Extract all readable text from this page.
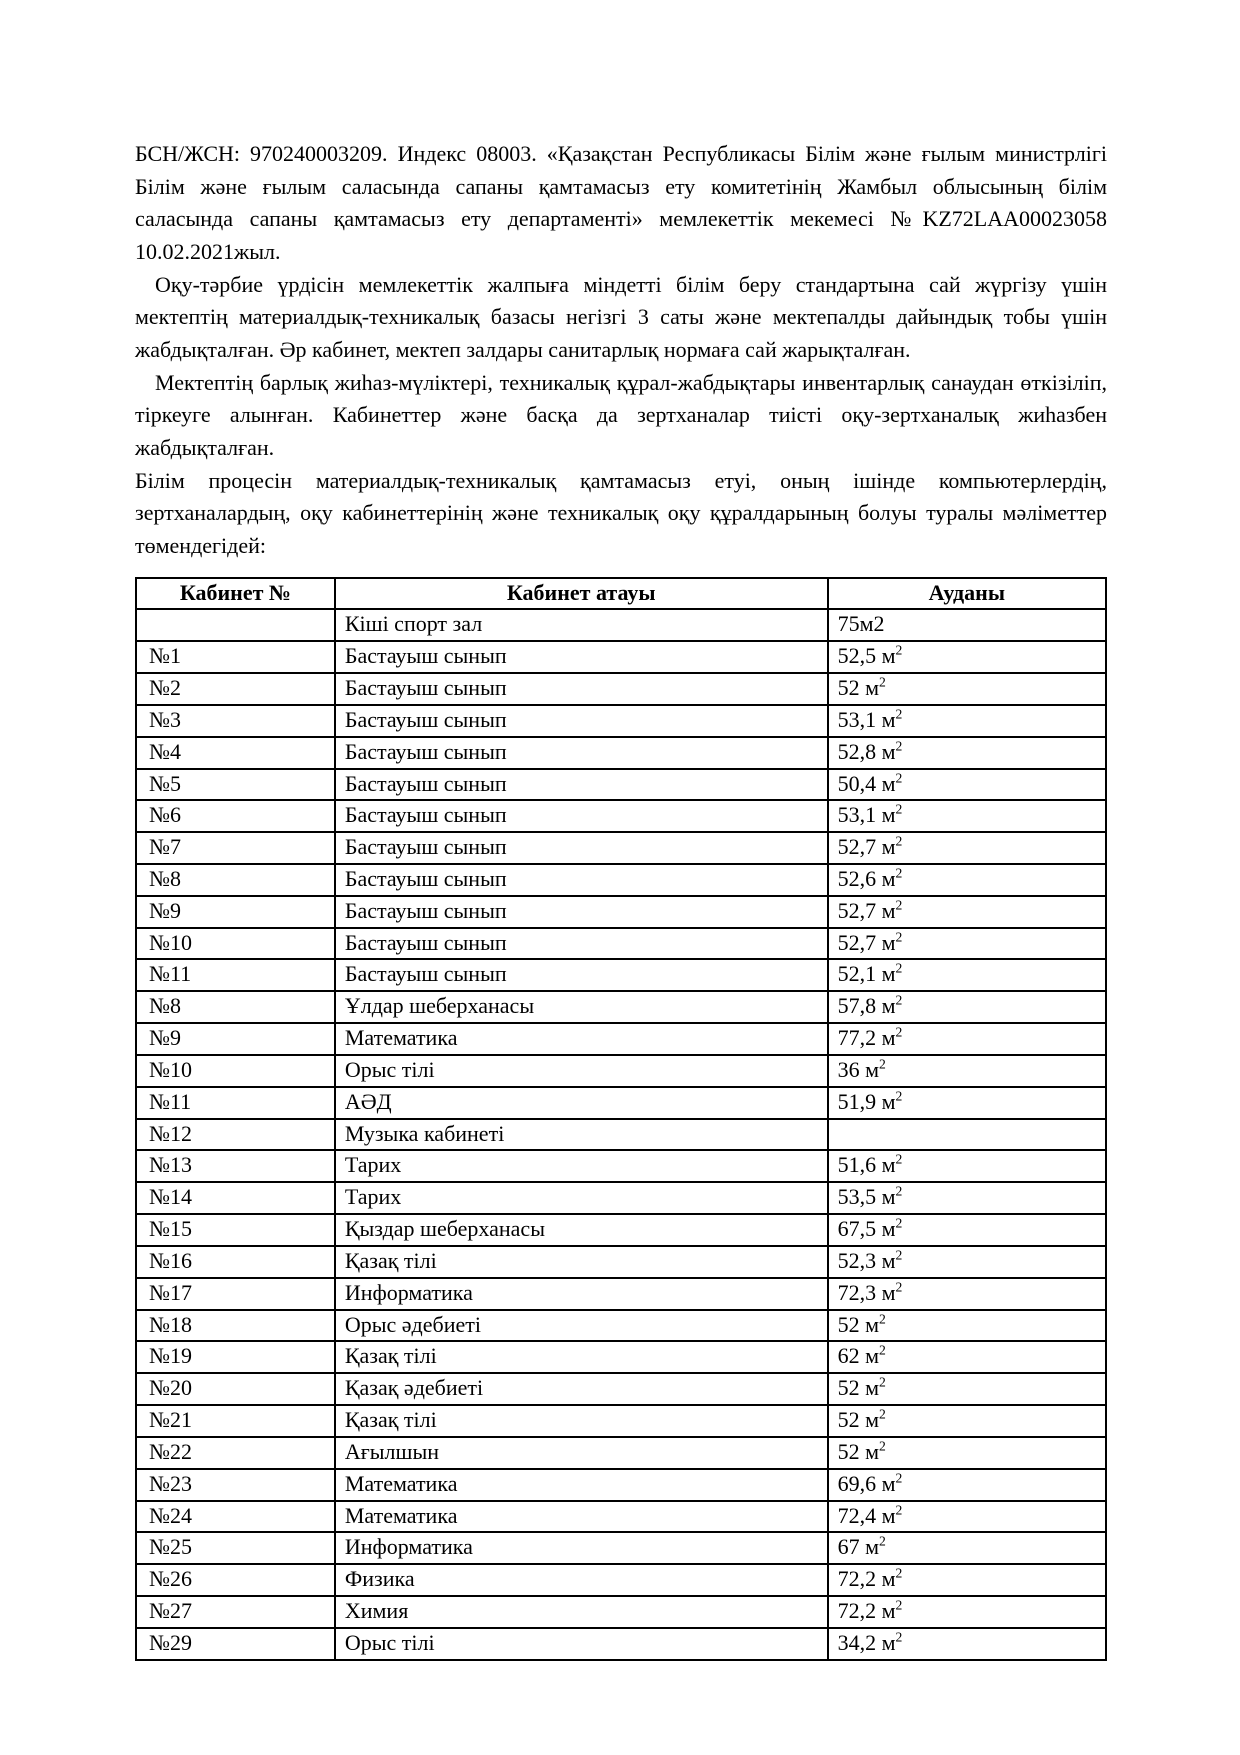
БСН/ЖСН: 970240003209. Индекс 08003. «Қазақстан Республикасы Білім және ғылым министрлігі Білім және ғылым саласында сапаны қамтамасыз ету комитетінің Жамбыл облысының білім саласында сапаны қамтамасыз ету департаменті» мемлекеттік мекемесі №KZ72LAA00023058 10.02.2021жыл.

Оқу-тәрбие үрдісін мемлекеттік жалпыға міндетті білім беру стандартына сай жүргізу үшін мектептің материалдық-техникалық базасы негізгі 3 саты және мектепалды дайындық тобы үшін жабдықталған. Әр кабинет, мектеп залдары санитарлық нормаға сай жарықталған.

Мектептің барлық жиһаз-мүліктері, техникалық құрал-жабдықтары инвентарлық санаудан өткізіліп, тіркеуге алынған. Кабинеттер және басқа да зертханалар тиісті оқу-зертханалық жиһазбен жабдықталған.

Білім процесін материалдық-техникалық қамтамасыз етуі, оның ішінде компьютерлердің, зертханалардың, оқу кабинеттерінің және техникалық оқу құралдарының болуы туралы мәліметтер төмендегідей:

Кабинет №	Кабинет атауы	Ауданы
	Кіші спорт зал	75м2
№1	Бастауыш сынып	52,5 $м^2$
№2	Бастауыш сынып	52 $м^2$
№3	Бастауыш сынып	53,1 $м^2$
№4	Бастауыш сынып	52,8 $м^2$
№5	Бастауыш сынып	50,4 $м^2$
№6	Бастауыш сынып	53,1 $м^2$
№7	Бастауыш сынып	52,7 $м^2$
№8	Бастауыш сынып	52,6 $м^2$
№9	Бастауыш сынып	52,7 $м^2$
№10	Бастауыш сынып	52,7 $м^2$
№11	Бастауыш сынып	52,1 $м^2$
№8	Ұлдар шеберханасы	57,8 $м^2$
№9	Математика	77,2 $м^2$
№10	Орыс тілі	36 $м^2$
№11	АӘД	51,9 $м^2$
№12	Музыка кабинеті	
№13	Тарих	51,6 $м^2$
№14	Тарих	53,5 $м^2$
№15	Қыздар шеберханасы	67,5 $м^2$
№16	Қазақ тілі	52,3 $м^2$
№17	Информатика	72,3 $м^2$
№18	Орыс әдебиеті	52 $м^2$
№19	Қазақ тілі	62 $м^2$
№20	Қазақ әдебиеті	52 $м^2$
№21	Қазақ тілі	52 $м^2$
№22	Ағылшын	52 $м^2$
№23	Математика	69,6 $м^2$
№24	Математика	72,4 $м^2$
№25	Информатика	67 $м^2$
№26	Физика	72,2 $м^2$
№27	Химия	72,2 $м^2$
№29	Орыс тілі	34,2 $м^2$
